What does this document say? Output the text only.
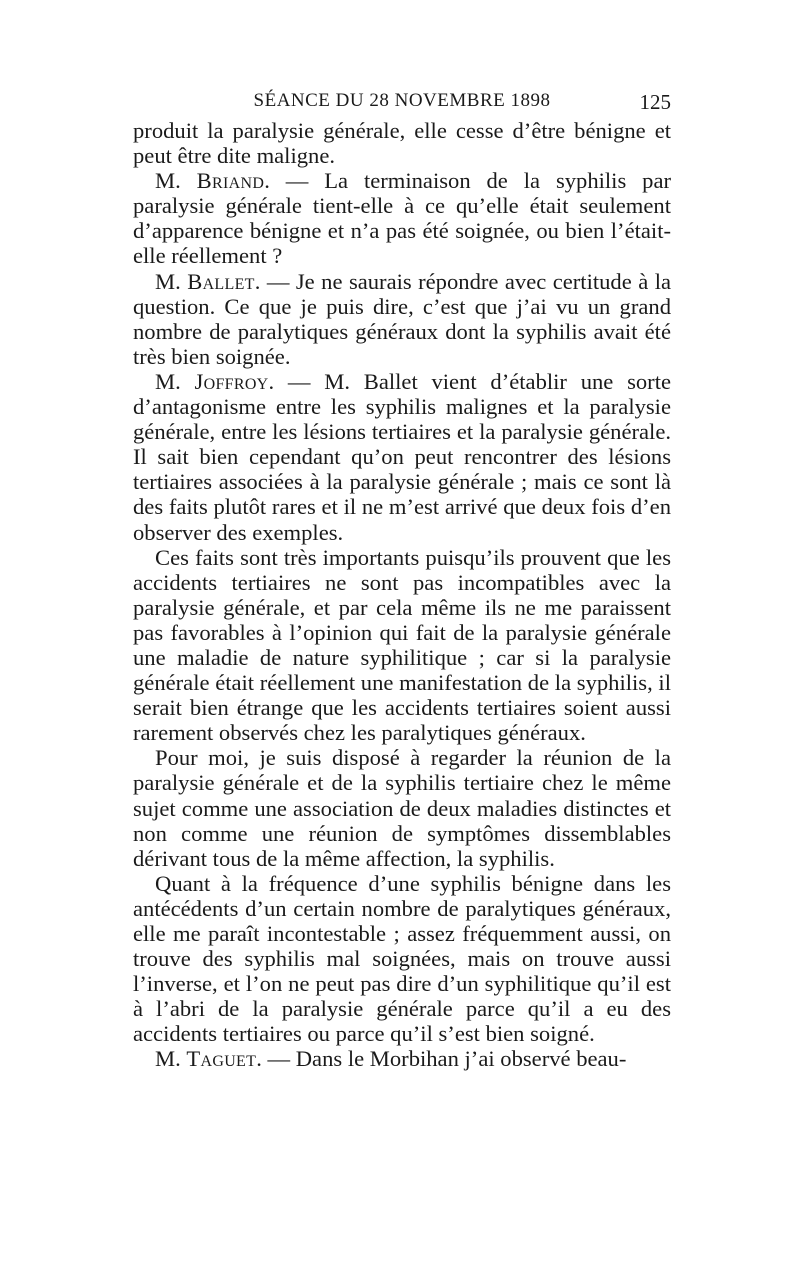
SÉANCE DU 28 NOVEMBRE 1898	125

produit la paralysie générale, elle cesse d’être bénigne et peut être dite maligne.

M. Briand. — La terminaison de la syphilis par paralysie générale tient-elle à ce qu’elle était seulement d’apparence bénigne et n’a pas été soignée, ou bien l’était-elle réellement ?

M. Ballet. — Je ne saurais répondre avec certitude à la question. Ce que je puis dire, c’est que j’ai vu un grand nombre de paralytiques généraux dont la syphilis avait été très bien soignée.

M. Joffroy. — M. Ballet vient d’établir une sorte d’antagonisme entre les syphilis malignes et la paralysie générale, entre les lésions tertiaires et la paralysie générale. Il sait bien cependant qu’on peut rencontrer des lésions tertiaires associées à la paralysie générale ; mais ce sont là des faits plutôt rares et il ne m’est arrivé que deux fois d’en observer des exemples.

Ces faits sont très importants puisqu’ils prouvent que les accidents tertiaires ne sont pas incompatibles avec la paralysie générale, et par cela même ils ne me paraissent pas favorables à l’opinion qui fait de la paralysie générale une maladie de nature syphilitique ; car si la paralysie générale était réellement une manifestation de la syphilis, il serait bien étrange que les accidents tertiaires soient aussi rarement observés chez les paralytiques généraux.

Pour moi, je suis disposé à regarder la réunion de la paralysie générale et de la syphilis tertiaire chez le même sujet comme une association de deux maladies distinctes et non comme une réunion de symptômes dissemblables dérivant tous de la même affection, la syphilis.

Quant à la fréquence d’une syphilis bénigne dans les antécédents d’un certain nombre de paralytiques généraux, elle me paraît incontestable ; assez fréquemment aussi, on trouve des syphilis mal soignées, mais on trouve aussi l’inverse, et l’on ne peut pas dire d’un syphilitique qu’il est à l’abri de la paralysie générale parce qu’il a eu des accidents tertiaires ou parce qu’il s’est bien soigné.

M. Taguet. — Dans le Morbihan j’ai observé beau-
